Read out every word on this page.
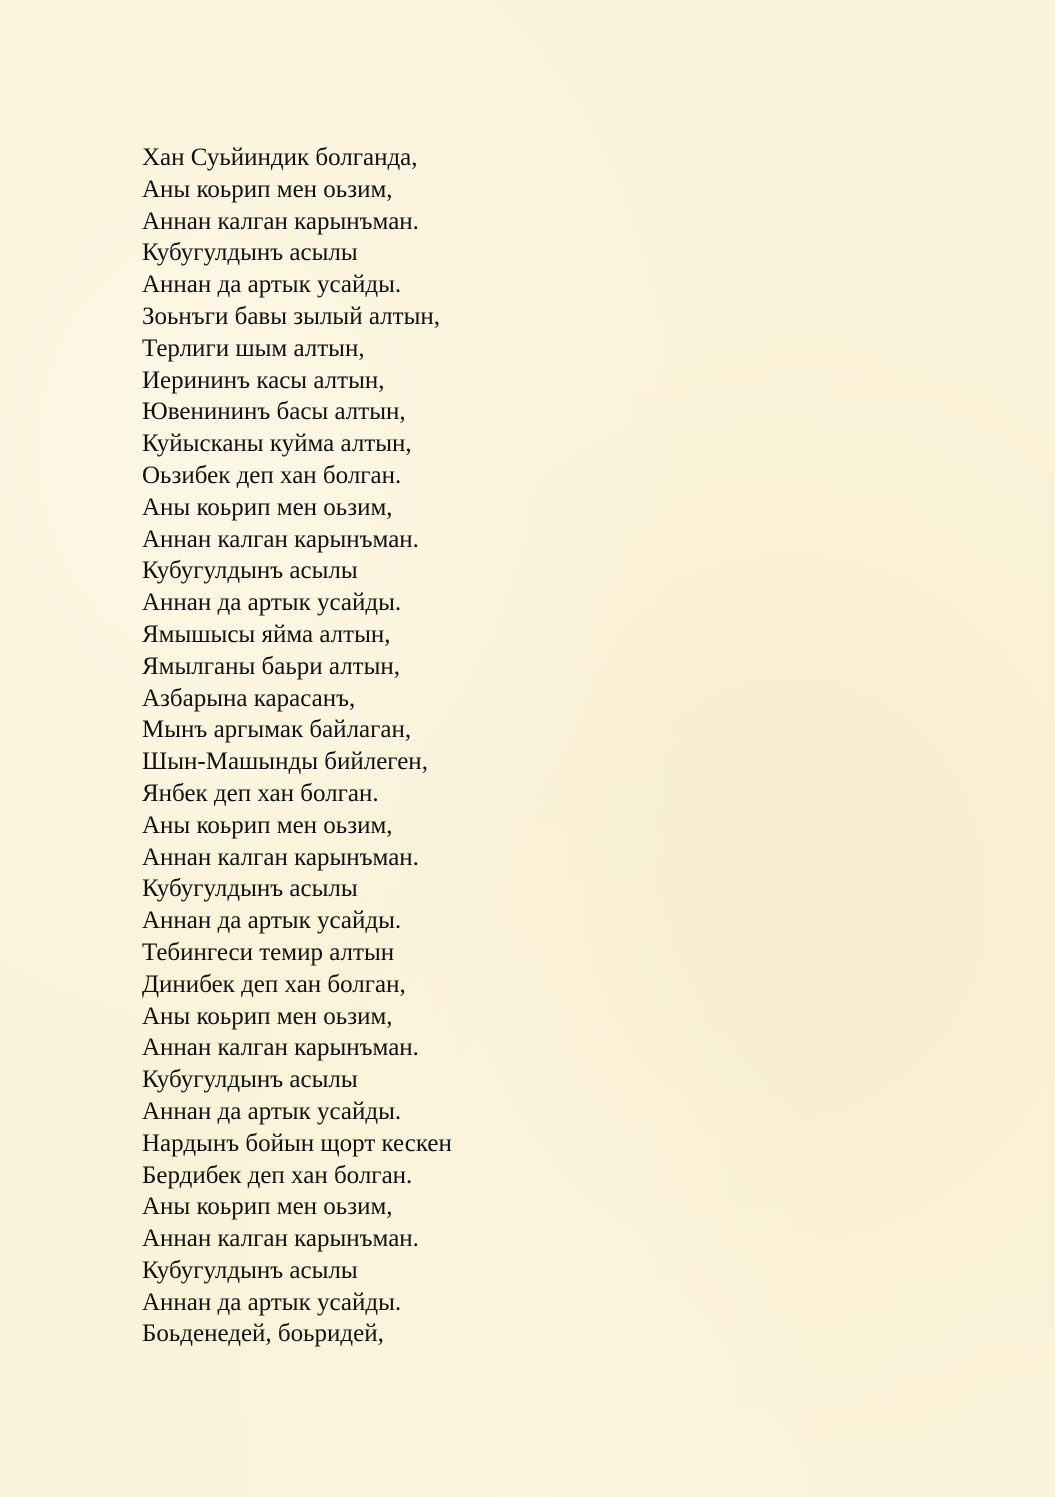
Хан Суьйиндик болганда,
Аны коьрип мен оьзим,
Аннан калган карынъман.
Кубугулдынъ асылы
Аннан да артык усайды.
Зоьнъги бавы зылый алтын,
Терлиги шым алтын,
Иерининъ касы алтын,
Ювенининъ басы алтын,
Куйысканы куйма алтын,
Оьзибек деп хан болган.
Аны коьрип мен оьзим,
Аннан калган карынъман.
Кубугулдынъ асылы
Аннан да артык усайды.
Ямышысы яйма алтын,
Ямылганы баьри алтын,
Азбарына карасанъ,
Мынъ аргымак байлаган,
Шын-Машынды бийлеген,
Янбек деп хан болган.
Аны коьрип мен оьзим,
Аннан калган карынъман.
Кубугулдынъ асылы
Аннан да артык усайды.
Тебингеси темир алтын
Динибек деп хан болган,
Аны коьрип мен оьзим,
Аннан калган карынъман.
Кубугулдынъ асылы
Аннан да артык усайды.
Нардынъ бойын щорт кескен
Бердибек деп хан болган.
Аны коьрип мен оьзим,
Аннан калган карынъман.
Кубугулдынъ асылы
Аннан да артык усайды.
Боьденедей, боьридей,
